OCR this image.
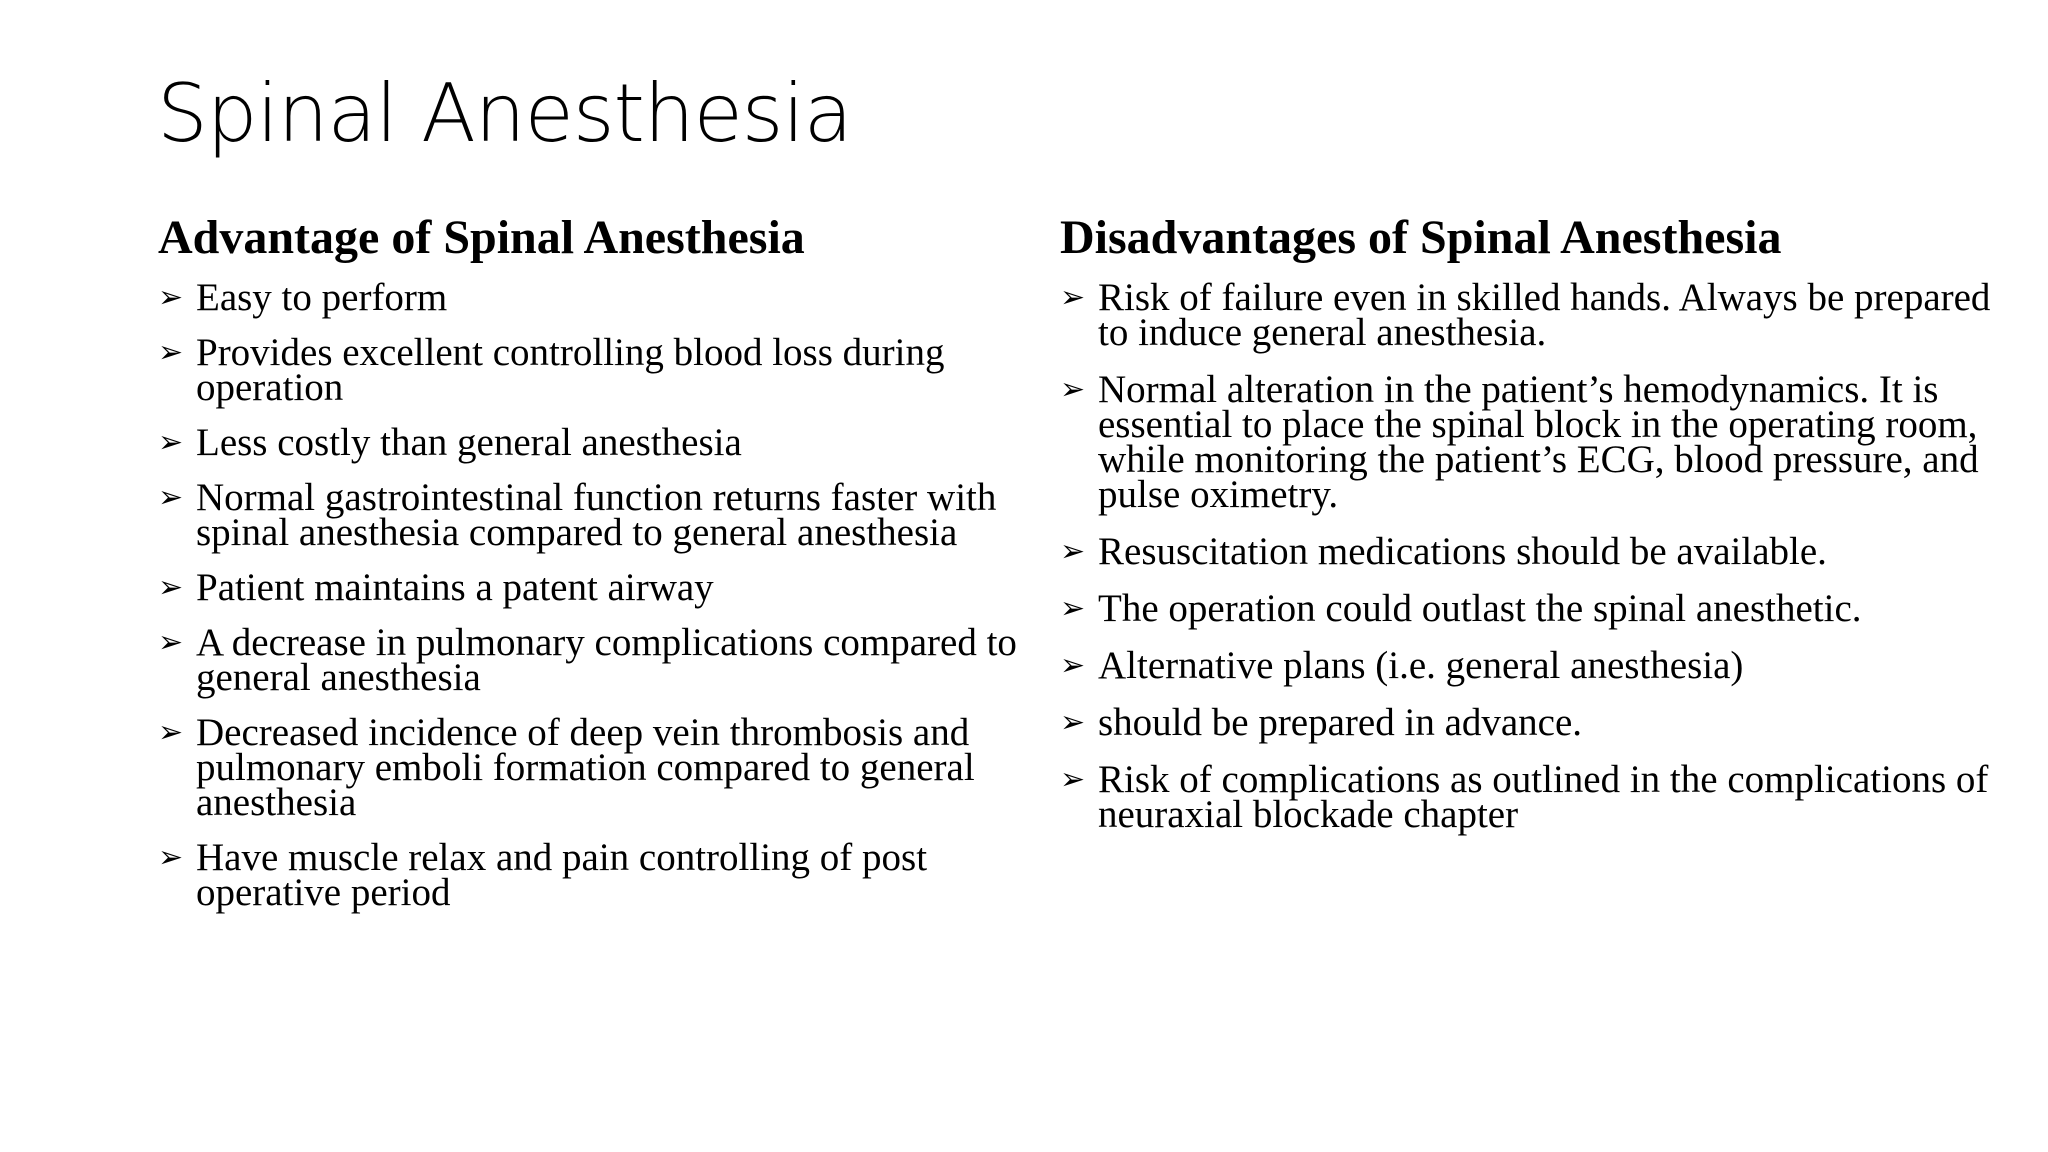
Spinal Anesthesia
Advantage of Spinal Anesthesia
➢ Easy to perform
➢ Provides excellent controlling blood loss during operation
➢ Less costly than general anesthesia
➢ Normal gastrointestinal function returns faster with spinal anesthesia compared to general anesthesia
➢ Patient maintains a patent airway
➢ A decrease in pulmonary complications compared to general anesthesia
➢ Decreased incidence of deep vein thrombosis and pulmonary emboli formation compared to general anesthesia
➢ Have muscle relax and pain controlling of post operative period
Disadvantages of Spinal Anesthesia
➢ Risk of failure even in skilled hands. Always be prepared to induce general anesthesia.
➢ Normal alteration in the patient’s hemodynamics. It is essential to place the spinal block in the operating room, while monitoring the patient’s ECG, blood pressure, and pulse oximetry.
➢ Resuscitation medications should be available.
➢ The operation could outlast the spinal anesthetic.
➢ Alternative plans (i.e. general anesthesia)
➢ should be prepared in advance.
➢ Risk of complications as outlined in the complications of neuraxial blockade chapter
